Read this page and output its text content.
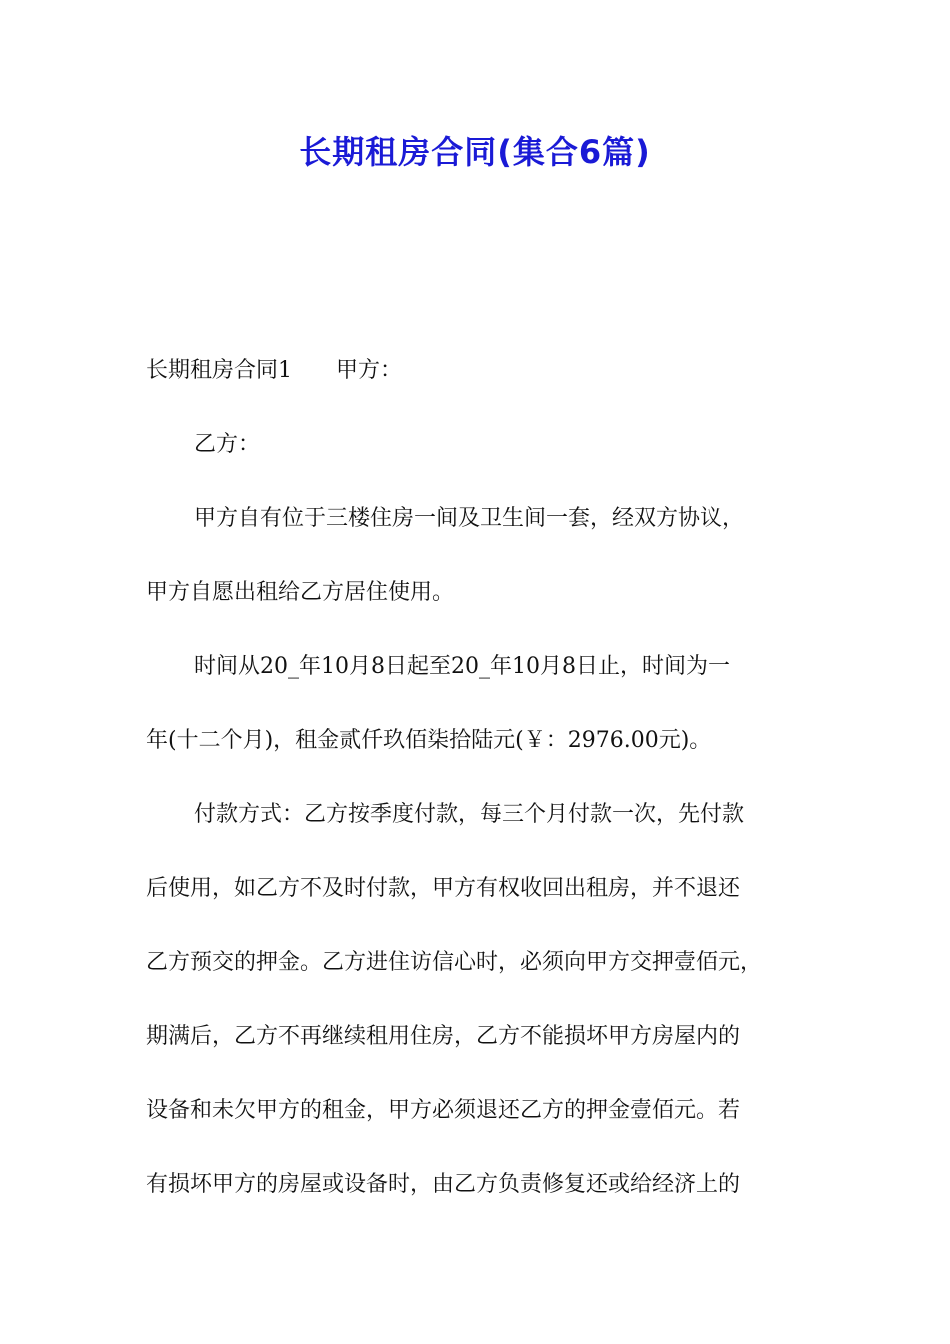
长期租房合同(集合6篇)
长期租房合同1 甲方：
乙方：
甲方自有位于三楼住房一间及卫生间一套，经双方协议，
甲方自愿出租给乙方居住使用。
时间从20_年10月8日起至20_年10月8日止，时间为一
年(十二个月)，租金贰仟玖佰柒拾陆元(￥：2976.00元)。
付款方式：乙方按季度付款，每三个月付款一次，先付款
后使用，如乙方不及时付款，甲方有权收回出租房，并不退还
乙方预交的押金。乙方进住访信心时，必须向甲方交押壹佰元，
期满后，乙方不再继续租用住房，乙方不能损坏甲方房屋内的
设备和未欠甲方的租金，甲方必须退还乙方的押金壹佰元。若
有损坏甲方的房屋或设备时，由乙方负责修复还或给经济上的
